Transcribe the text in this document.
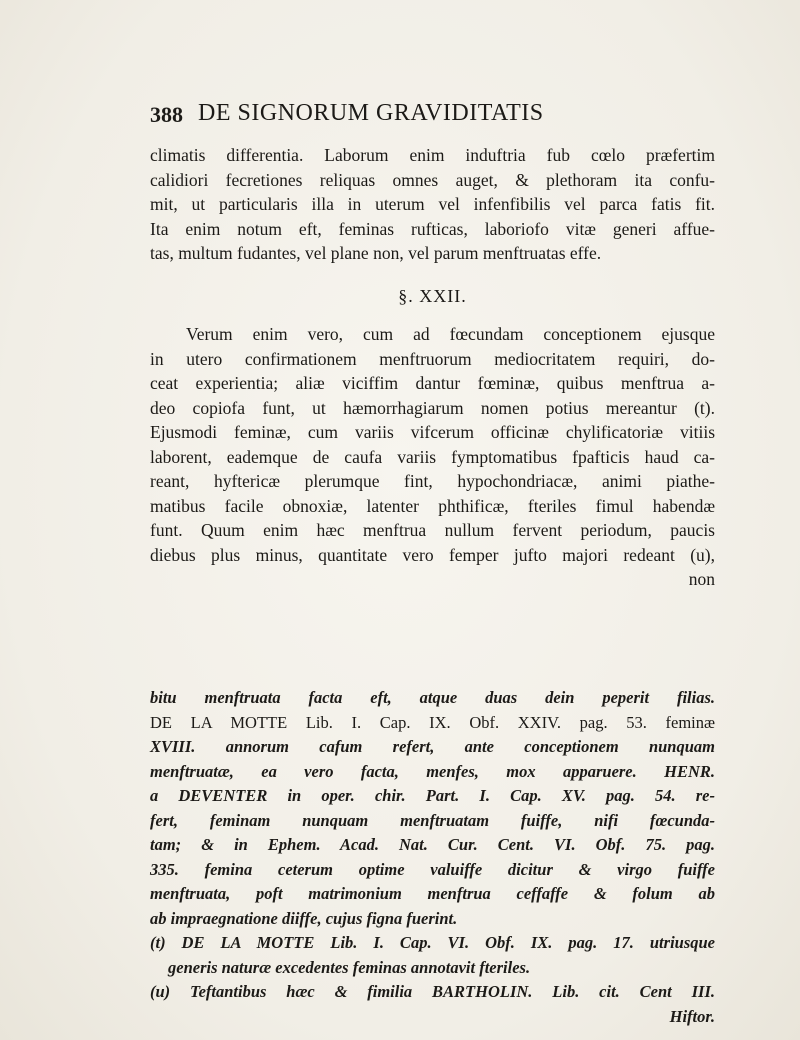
388 DE SIGNORUM GRAVIDITATIS
climatis differentia. Laborum enim induftria fub cœlo præfertim
calidiori fecretiones reliquas omnes auget, & plethoram ita confu-
mit, ut particularis illa in uterum vel infenfibilis vel parca fatis fit.
Ita enim notum eft, feminas rufticas, laboriofo vitæ generi affue-
tas, multum fudantes, vel plane non, vel parum menftruatas effe.
§. XXII.
Verum enim vero, cum ad fœcundam conceptionem ejusque
in utero confirmationem menftruorum mediocritatem requiri, do-
ceat experientia; aliæ viciffim dantur fœminæ, quibus menftrua a-
deo copiofa funt, ut hæmorrhagiarum nomen potius mereantur (t).
Ejusmodi feminæ, cum variis vifcerum officinæ chylificatoriæ vitiis
laborent, eademque de caufa variis fymptomatibus fpafticis haud ca-
reant, hyftericæ plerumque fint, hypochondriacæ, animi piathe-
matibus facile obnoxiæ, latenter phthificæ, fteriles fimul habendæ
funt. Quum enim hæc menftrua nullum fervent periodum, paucis
diebus plus minus, quantitate vero femper jufto majori redeant (u),
non
bitu menftruata facta eft, atque duas dein peperit filias.
DE LA MOTTE Lib. I. Cap. IX. Obf. XXIV. pag. 53. feminæ
XVIII. annorum cafum refert, ante conceptionem nunquam
menftruatæ, ea vero facta, menfes, mox apparuere. HENR.
a DEVENTER in oper. chir. Part. I. Cap. XV. pag. 54. re-
fert, feminam nunquam menftruatam fuiffe, nifi fœcunda-
tam; & in Ephem. Acad. Nat. Cur. Cent. VI. Obf. 75. pag.
335. femina ceterum optime valuiffe dicitur & virgo fuiffe
menftruata, poft matrimonium menftrua ceffaffe & folum ab
ab impraegnatione diiffe, cujus figna fuerint.
(t) DE LA MOTTE Lib. I. Cap. VI. Obf. IX. pag. 17. utriusque
generis naturæ excedentes feminas annotavit fteriles.
(u) Teftantibus hæc & fimilia BARTHOLIN. Lib. cit. Cent III.
Hiftor.
